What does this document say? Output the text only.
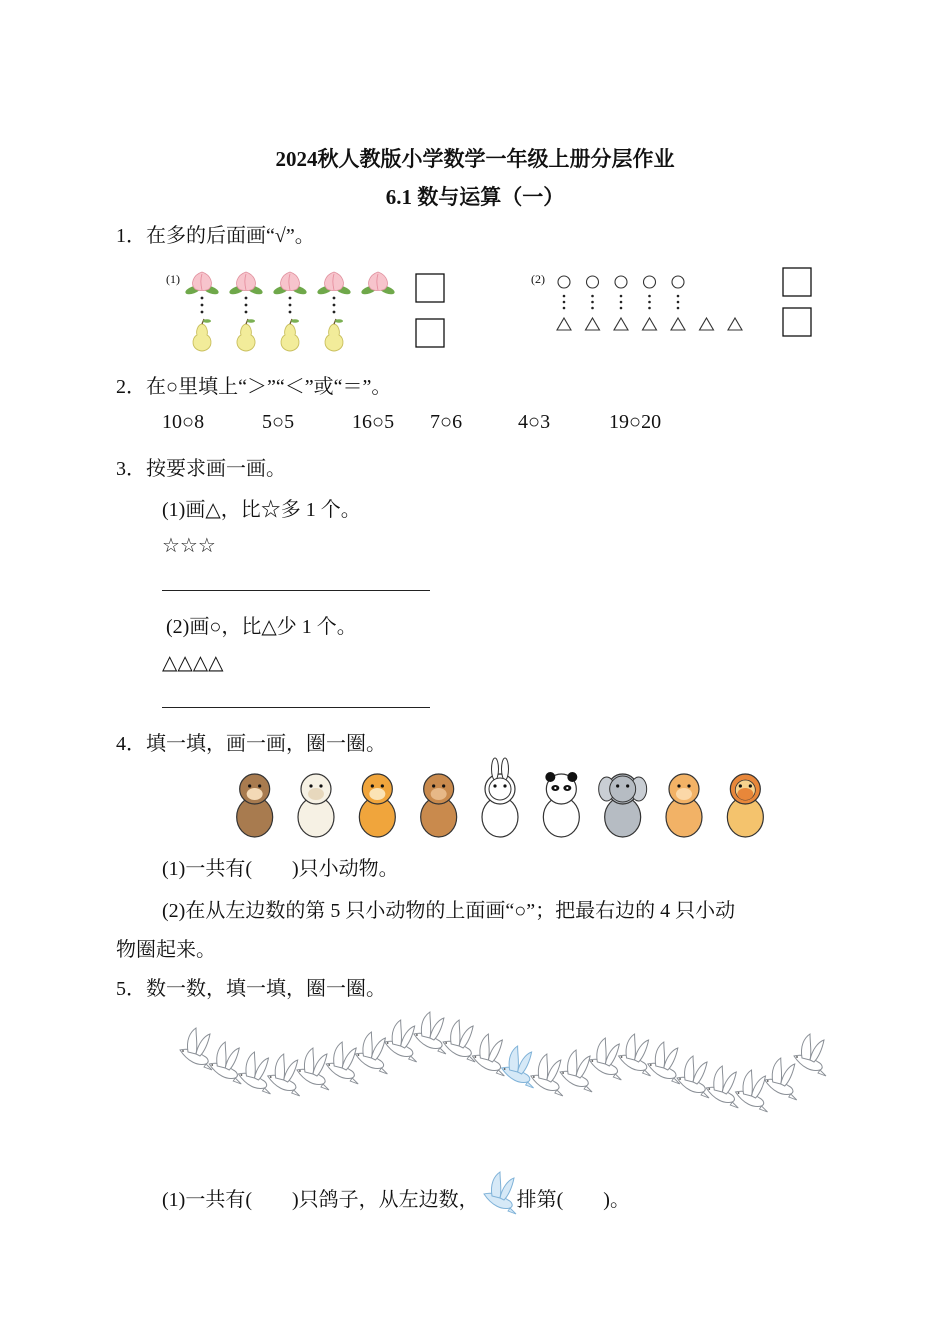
2024秋人教版小学数学一年级上册分层作业
6.1 数与运算（一）
1．在多的后面画“√”。
(1)	(2)
2．在○里填上“＞”“＜”或“＝”。
10○8	5○5	16○5 7○6	4○3	19○20
3．按要求画一画。
(1)画△，比☆多 1 个。
☆☆☆
(2)画○，比△少 1 个。
△△△△
4．填一填，画一画，圈一圈。
(1)一共有(　　)只小动物。
(2)在从左边数的第 5 只小动物的上面画“○”；把最右边的 4 只小动
物圈起来。
5．数一数，填一填，圈一圈。
(1)一共有(　　)只鸽子，从左边数， 排第(　　)。
